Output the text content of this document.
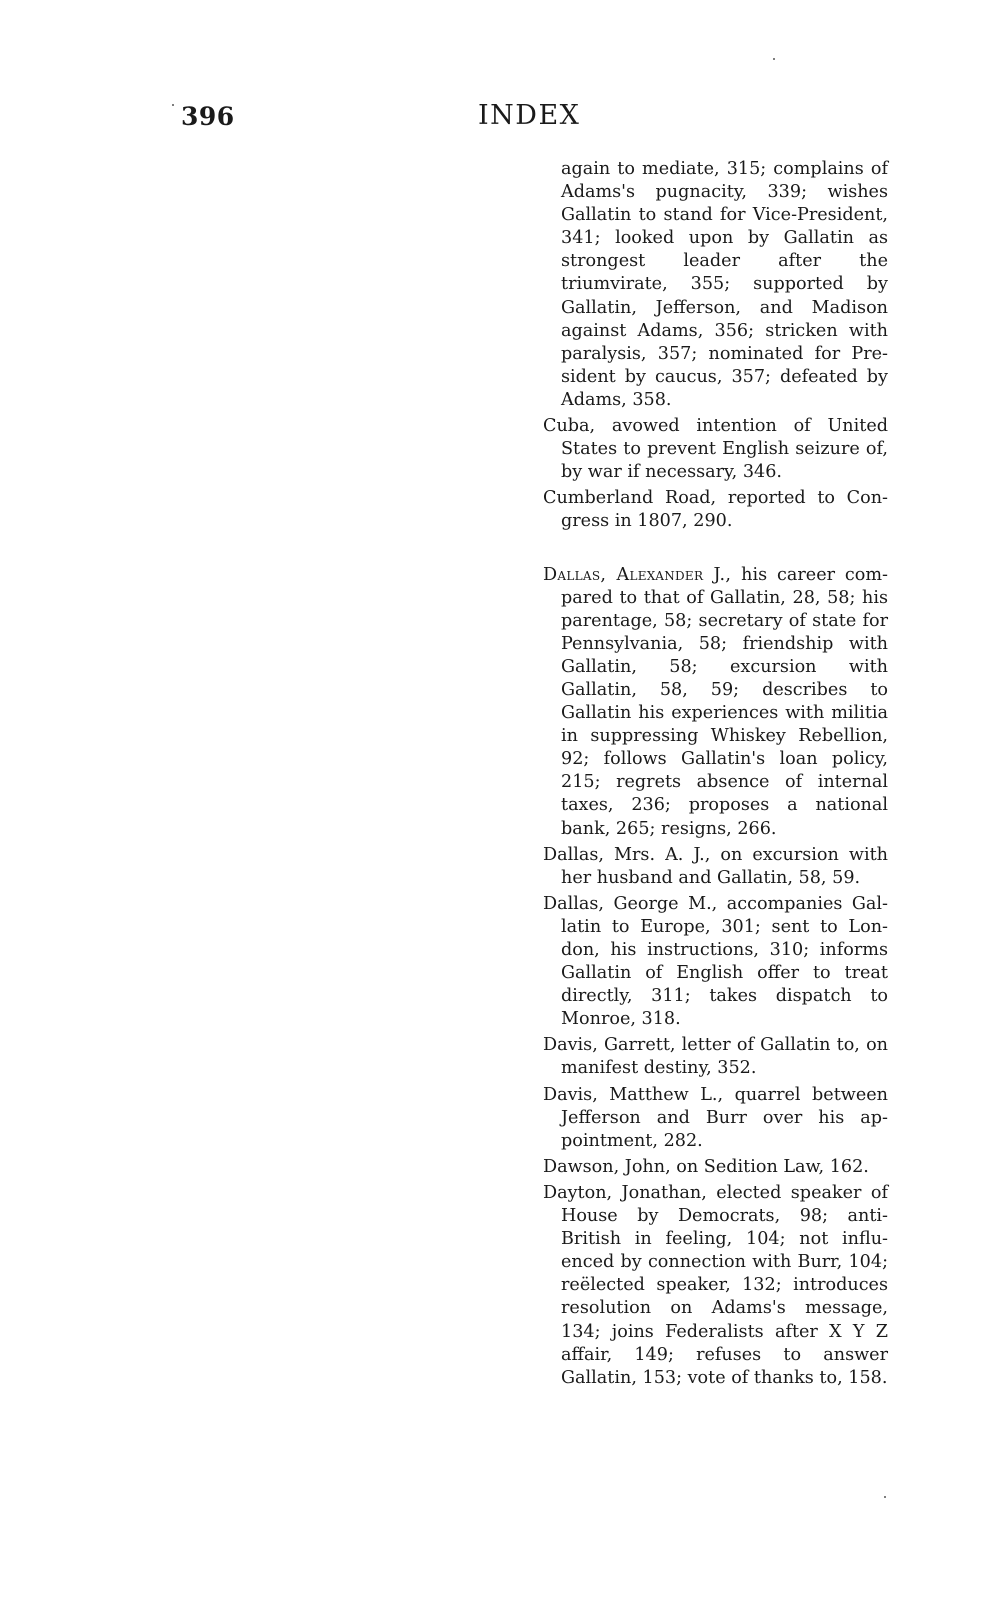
396	INDEX

again to mediate, 315; complains of Adams's pugnacity, 339; wishes Gallatin to stand for Vice-President, 341; looked upon by Gallatin as strongest leader after the triumvirate, 355; supported by Gallatin, Jefferson, and Madison against Adams, 356; stricken with paralysis, 357; nominated for President by caucus, 357; defeated by Adams, 358.

Cuba, avowed intention of United States to prevent English seizure of, by war if necessary, 346.

Cumberland Road, reported to Congress in 1807, 290.

Dallas, Alexander J., his career compared to that of Gallatin, 28, 58; his parentage, 58; secretary of state for Pennsylvania, 58; friendship with Gallatin, 58; excursion with Gallatin, 58, 59; describes to Gallatin his experiences with militia in suppressing Whiskey Rebellion, 92; follows Gallatin's loan policy, 215; regrets absence of internal taxes, 236; proposes a national bank, 265; resigns, 266.

Dallas, Mrs. A. J., on excursion with her husband and Gallatin, 58, 59.

Dallas, George M., accompanies Gallatin to Europe, 301; sent to London, his instructions, 310; informs Gallatin of English offer to treat directly, 311; takes dispatch to Monroe, 318.

Davis, Garrett, letter of Gallatin to, on manifest destiny, 352.

Davis, Matthew L., quarrel between Jefferson and Burr over his appointment, 282.

Dawson, John, on Sedition Law, 162.

Dayton, Jonathan, elected speaker of House by Democrats, 98; anti-British in feeling, 104; not influenced by connection with Burr, 104; reëlected speaker, 132; introduces resolution on Adams's message, 134; joins Federalists after X Y Z affair, 149; refuses to answer Gallatin, 153; vote of thanks to, 158.
